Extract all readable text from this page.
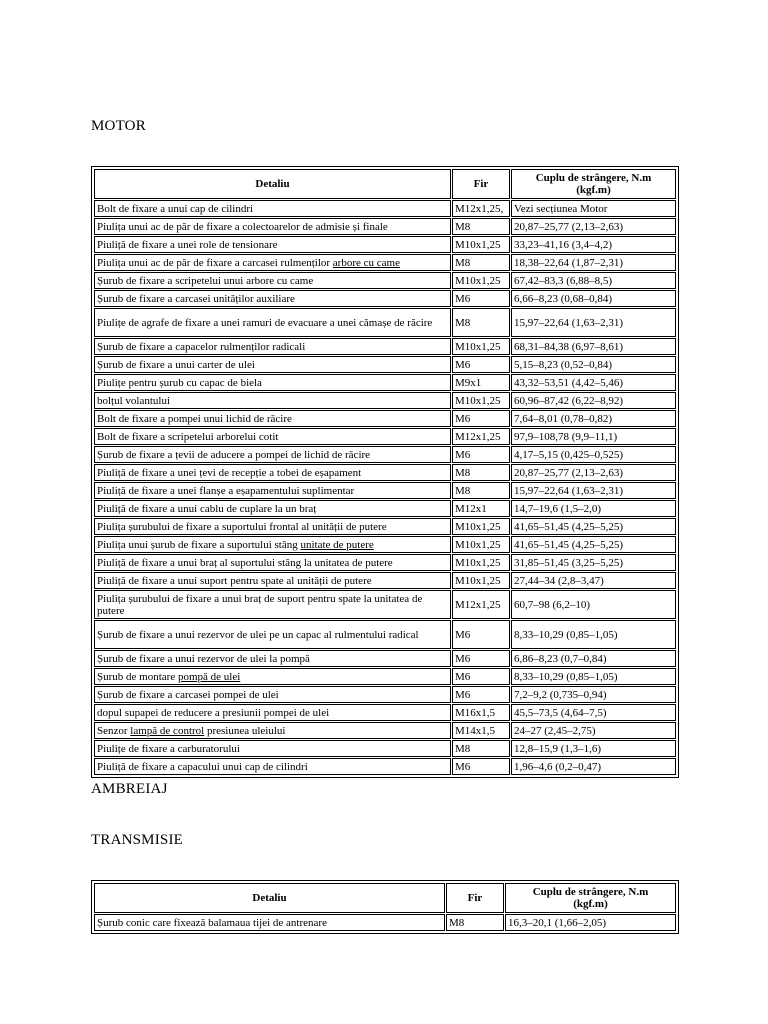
MOTOR
Detaliu	Fir	Cuplu de strângere, N.m
(kgf.m)
Bolt de fixare a unui cap de cilindri	M12x1,25,	Vezi secțiunea Motor
Piulița unui ac de păr de fixare a colectoarelor de admisie și finale	M8	20,87–25,77 (2,13–2,63)
Piuliță de fixare a unei role de tensionare	M10x1,25	33,23–41,16 (3,4–4,2)
Piulița unui ac de păr de fixare a carcasei rulmenților arbore cu came	M8	18,38–22,64 (1,87–2,31)
Șurub de fixare a scripetelui unui arbore cu came	M10x1,25	67,42–83,3 (6,88–8,5)
Șurub de fixare a carcasei unităților auxiliare	M6	6,66–8,23 (0,68–0,84)
Piulițe de agrafe de fixare a unei ramuri de evacuare a unei cămașe de răcire	M8	15,97–22,64 (1,63–2,31)
Șurub de fixare a capacelor rulmenților radicali	M10x1,25	68,31–84,38 (6,97–8,61)
Șurub de fixare a unui carter de ulei	M6	5,15–8,23 (0,52–0,84)
Piulițe pentru șurub cu capac de biela	M9x1	43,32–53,51 (4,42–5,46)
bolțul volantului	M10x1,25	60,96–87,42 (6,22–8,92)
Bolt de fixare a pompei unui lichid de răcire	M6	7,64–8,01 (0,78–0,82)
Bolt de fixare a scripetelui arborelui cotit	M12x1,25	97,9–108,78 (9,9–11,1)
Șurub de fixare a țevii de aducere a pompei de lichid de răcire	M6	4,17–5,15 (0,425–0,525)
Piuliță de fixare a unei țevi de recepție a tobei de eșapament	M8	20,87–25,77 (2,13–2,63)
Piuliță de fixare a unei flanșe a eșapamentului suplimentar	M8	15,97–22,64 (1,63–2,31)
Piuliță de fixare a unui cablu de cuplare la un braț	M12x1	14,7–19,6 (1,5–2,0)
Piulița șurubului de fixare a suportului frontal al unității de putere	M10x1,25	41,65–51,45 (4,25–5,25)
Piulița unui șurub de fixare a suportului stâng unitate de putere	M10x1,25	41,65–51,45 (4,25–5,25)
Piuliță de fixare a unui braț al suportului stâng la unitatea de putere	M10x1,25	31,85–51,45 (3,25–5,25)
Piuliță de fixare a unui suport pentru spate al unității de putere	M10x1,25	27,44–34 (2,8–3,47)
Piulița șurubului de fixare a unui braț de suport pentru spate la unitatea de putere	M12x1,25	60,7–98 (6,2–10)
Șurub de fixare a unui rezervor de ulei pe un capac al rulmentului radical	M6	8,33–10,29 (0,85–1,05)
Șurub de fixare a unui rezervor de ulei la pompă	M6	6,86–8,23 (0,7–0,84)
Șurub de montare pompă de ulei	M6	8,33–10,29 (0,85–1,05)
Șurub de fixare a carcasei pompei de ulei	M6	7,2–9,2 (0,735–0,94)
dopul supapei de reducere a presiunii pompei de ulei	M16x1,5	45,5–73,5 (4,64–7,5)
Senzor lampă de control presiunea uleiului	M14x1,5	24–27 (2,45–2,75)
Piulițe de fixare a carburatorului	M8	12,8–15,9 (1,3–1,6)
Piuliță de fixare a capacului unui cap de cilindri	M6	1,96–4,6 (0,2–0,47)
AMBREIAJ
TRANSMISIE
Detaliu	Fir	Cuplu de strângere, N.m
(kgf.m)
Șurub conic care fixează balamaua tijei de antrenare	M8	16,3–20,1 (1,66–2,05)
